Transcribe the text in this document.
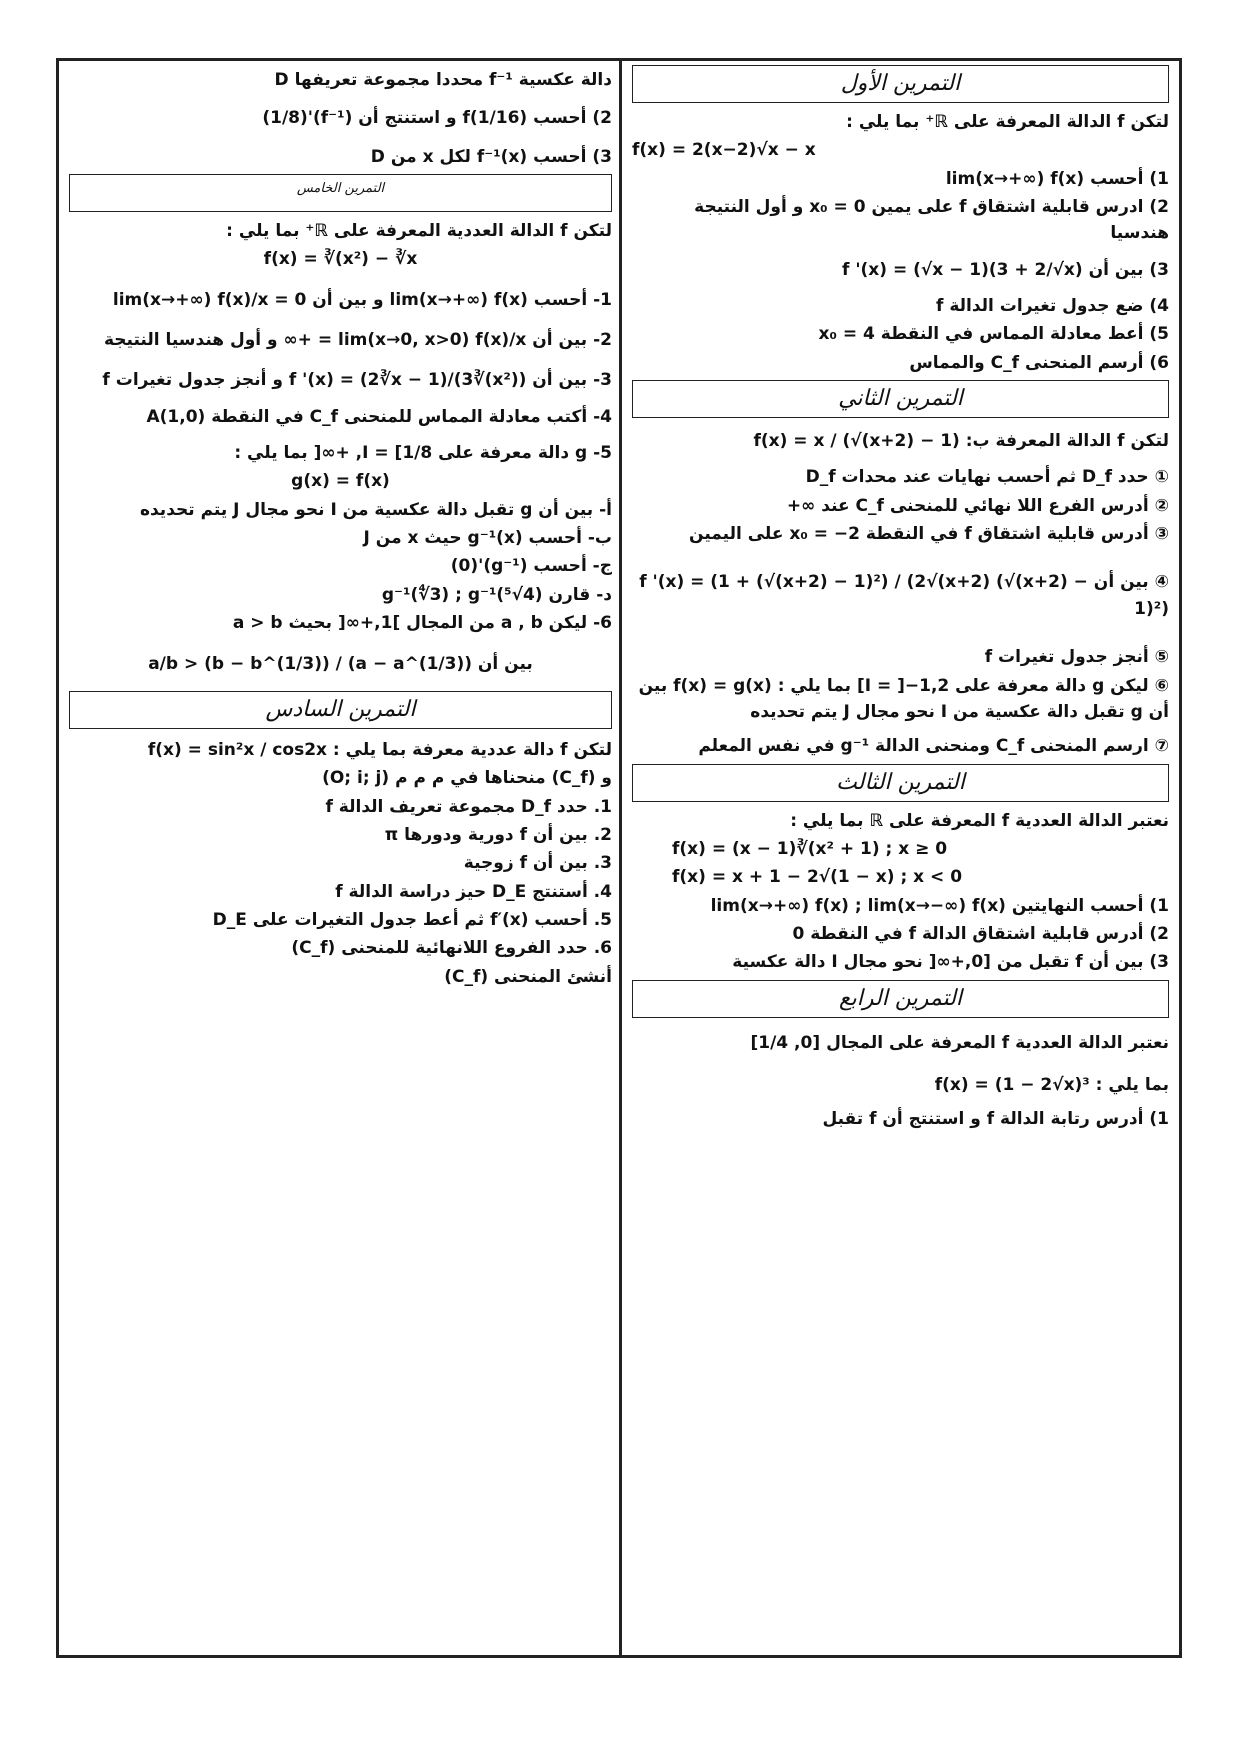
التمرين الأول
لتكن f الدالة المعرفة على ℝ⁺ بما يلي :
f(x) = 2(x−2)√x − x
1) أحسب lim(x→+∞) f(x)
2) ادرس قابلية اشتقاق f على يمين 0 = x₀ و أول النتيجة هندسيا
3) بين أن f '(x) = (√x − 1)(3 + 2/√x)
4) ضع جدول تغيرات الدالة f
5) أعط معادلة المماس في النقطة x₀ = 4
6) أرسم المنحنى C_f والمماس
التمرين الثاني
لتكن f الدالة المعرفة ب: f(x) = x / (√(x+2) − 1)
① حدد D_f ثم أحسب نهايات عند محدات D_f
② أدرس الفرع اللا نهائي للمنحنى C_f عند ∞+
③ أدرس قابلية اشتقاق f في النقطة x₀ = −2 على اليمين
④ بين أن f '(x) = (1 + (√(x+2) − 1)²) / (2√(x+2) (√(x+2) − 1)²)
⑤ أنجز جدول تغيرات f
⑥ ليكن g دالة معرفة على I = ]−1,2] بما يلي : f(x) = g(x) بين أن g تقبل دالة عكسية من I نحو مجال J يتم تحديده
⑦ ارسم المنحنى C_f ومنحنى الدالة g⁻¹ في نفس المعلم
التمرين الثالث
نعتبر الدالة العددية f المعرفة على ℝ بما يلي :
f(x) = (x − 1)∛(x² + 1) ; x ≥ 0
f(x) = x + 1 − 2√(1 − x) ; x < 0
1) أحسب النهايتين lim(x→+∞) f(x) ; lim(x→−∞) f(x)
2) أدرس قابلية اشتقاق الدالة f في النقطة 0
3) بين أن f تقبل من [0,+∞[ نحو مجال I دالة عكسية
التمرين الرابع
نعتبر الدالة العددية f المعرفة على المجال [0, 1/4]
بما يلي : f(x) = (1 − 2√x)³
1) أدرس رتابة الدالة f و استنتج أن f تقبل
دالة عكسية f⁻¹ محددا مجموعة تعريفها D
2) أحسب f(1/16) و استنتج أن (f⁻¹)'(1/8)
3) أحسب f⁻¹(x) لكل x من D
التمرين الخامس
لتكن f الدالة العددية المعرفة على ℝ⁺ بما يلي :
f(x) = ∛(x²) − ∛x
1- أحسب lim(x→+∞) f(x) و بين أن lim(x→+∞) f(x)/x = 0
2- بين أن lim(x→0, x>0) f(x)/x = +∞ و أول هندسيا النتيجة
3- بين أن f '(x) = (2∛x − 1)/(3∛(x²)) و أنجز جدول تغيرات f
4- أكتب معادلة المماس للمنحنى C_f في النقطة A(1,0)
5- g دالة معرفة على I = [1/8, +∞[ بما يلي :
g(x) = f(x)
أ- بين أن g تقبل دالة عكسية من I نحو مجال J يتم تحديده
ب- أحسب g⁻¹(x) حيث x من J
ج- أحسب (g⁻¹)'(0)
د- قارن g⁻¹(∜3) ; g⁻¹(⁵√4)
6- ليكن a , b من المجال ]1,+∞[ بحيث a > b
بين أن a/b > (b − b^(1/3)) / (a − a^(1/3))
التمرين السادس
لتكن f دالة عددية معرفة بما يلي : f(x) = sin²x / cos2x
و (C_f) منحناها في م م م (O; i; j)
1. حدد D_f مجموعة تعريف الدالة f
2. بين أن f دورية ودورها π
3. بين أن f زوجية
4. أستنتج D_E حيز دراسة الدالة f
5. أحسب f′(x) ثم أعط جدول التغيرات على D_E
6. حدد الفروع اللانهائية للمنحنى (C_f)
أنشئ المنحنى (C_f)
